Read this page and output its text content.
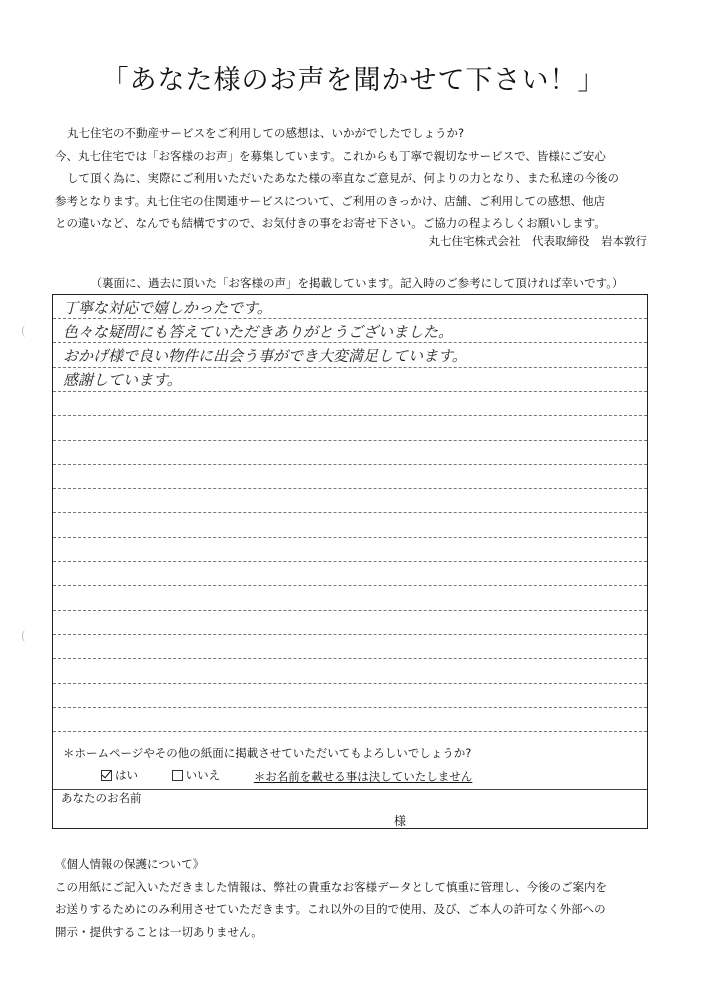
「あなた様のお声を聞かせて下さい！」
丸七住宅の不動産サービスをご利用しての感想は、いかがでしたでしょうか?
今、丸七住宅では「お客様のお声」を募集しています。これからも丁寧で親切なサービスで、皆様にご安心
して頂く為に、実際にご利用いただいたあなた様の率直なご意見が、何よりの力となり、また私達の今後の
参考となります。丸七住宅の住関連サービスについて、ご利用のきっかけ、店舗、ご利用しての感想、他店
との違いなど、なんでも結構ですので、お気付きの事をお寄せ下さい。ご協力の程よろしくお願いします。
丸七住宅株式会社　代表取締役　岩本敦行
（裏面に、過去に頂いた「お客様の声」を掲載しています。記入時のご参考にして頂ければ幸いです。）
丁寧な対応で嬉しかったです。
色々な疑問にも答えていただきありがとうございました。
おかげ様で良い物件に出会う事ができ大変満足しています。
感謝しています。
＊ホームページやその他の紙面に掲載させていただいてもよろしいでしょうか?
はい
	いいえ	＊お名前を載せる事は決していたしません
あなたのお名前
様
《個人情報の保護について》
この用紙にご記入いただきました情報は、弊社の貴重なお客様データとして慎重に管理し、今後のご案内を
お送りするためにのみ利用させていただきます。これ以外の目的で使用、及び、ご本人の許可なく外部への
開示・提供することは一切ありません。
